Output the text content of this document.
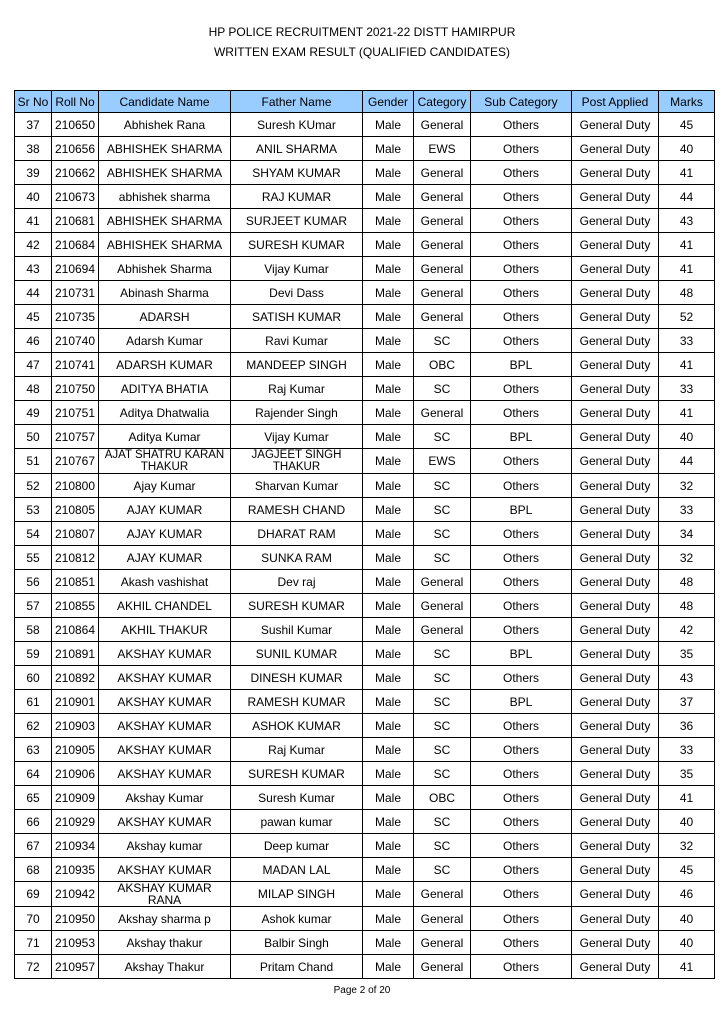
HP POLICE RECRUITMENT 2021-22 DISTT HAMIRPUR
WRITTEN EXAM RESULT (QUALIFIED CANDIDATES)
Sr No	Roll No	Candidate Name	Father Name	Gender	Category	Sub Category	Post Applied	Marks
37	210650	Abhishek Rana	Suresh KUmar	Male	General	Others	General Duty	45
38	210656	ABHISHEK SHARMA	ANIL SHARMA	Male	EWS	Others	General Duty	40
39	210662	ABHISHEK SHARMA	SHYAM KUMAR	Male	General	Others	General Duty	41
40	210673	abhishek sharma	RAJ KUMAR	Male	General	Others	General Duty	44
41	210681	ABHISHEK SHARMA	SURJEET KUMAR	Male	General	Others	General Duty	43
42	210684	ABHISHEK SHARMA	SURESH KUMAR	Male	General	Others	General Duty	41
43	210694	Abhishek Sharma	Vijay Kumar	Male	General	Others	General Duty	41
44	210731	Abinash Sharma	Devi Dass	Male	General	Others	General Duty	48
45	210735	ADARSH	SATISH KUMAR	Male	General	Others	General Duty	52
46	210740	Adarsh Kumar	Ravi Kumar	Male	SC	Others	General Duty	33
47	210741	ADARSH KUMAR	MANDEEP SINGH	Male	OBC	BPL	General Duty	41
48	210750	ADITYA BHATIA	Raj Kumar	Male	SC	Others	General Duty	33
49	210751	Aditya Dhatwalia	Rajender Singh	Male	General	Others	General Duty	41
50	210757	Aditya Kumar	Vijay Kumar	Male	SC	BPL	General Duty	40
51	210767	AJAT SHATRU KARAN THAKUR	JAGJEET SINGH THAKUR	Male	EWS	Others	General Duty	44
52	210800	Ajay Kumar	Sharvan Kumar	Male	SC	Others	General Duty	32
53	210805	AJAY KUMAR	RAMESH CHAND	Male	SC	BPL	General Duty	33
54	210807	AJAY KUMAR	DHARAT RAM	Male	SC	Others	General Duty	34
55	210812	AJAY KUMAR	SUNKA RAM	Male	SC	Others	General Duty	32
56	210851	Akash vashishat	Dev raj	Male	General	Others	General Duty	48
57	210855	AKHIL CHANDEL	SURESH KUMAR	Male	General	Others	General Duty	48
58	210864	AKHIL THAKUR	Sushil Kumar	Male	General	Others	General Duty	42
59	210891	AKSHAY KUMAR	SUNIL KUMAR	Male	SC	BPL	General Duty	35
60	210892	AKSHAY KUMAR	DINESH KUMAR	Male	SC	Others	General Duty	43
61	210901	AKSHAY KUMAR	RAMESH KUMAR	Male	SC	BPL	General Duty	37
62	210903	AKSHAY KUMAR	ASHOK KUMAR	Male	SC	Others	General Duty	36
63	210905	AKSHAY KUMAR	Raj Kumar	Male	SC	Others	General Duty	33
64	210906	AKSHAY KUMAR	SURESH KUMAR	Male	SC	Others	General Duty	35
65	210909	Akshay Kumar	Suresh Kumar	Male	OBC	Others	General Duty	41
66	210929	AKSHAY KUMAR	pawan kumar	Male	SC	Others	General Duty	40
67	210934	Akshay kumar	Deep kumar	Male	SC	Others	General Duty	32
68	210935	AKSHAY KUMAR	MADAN LAL	Male	SC	Others	General Duty	45
69	210942	AKSHAY KUMAR RANA	MILAP SINGH	Male	General	Others	General Duty	46
70	210950	Akshay sharma p	Ashok kumar	Male	General	Others	General Duty	40
71	210953	Akshay thakur	Balbir Singh	Male	General	Others	General Duty	40
72	210957	Akshay Thakur	Pritam Chand	Male	General	Others	General Duty	41
Page 2 of 20
